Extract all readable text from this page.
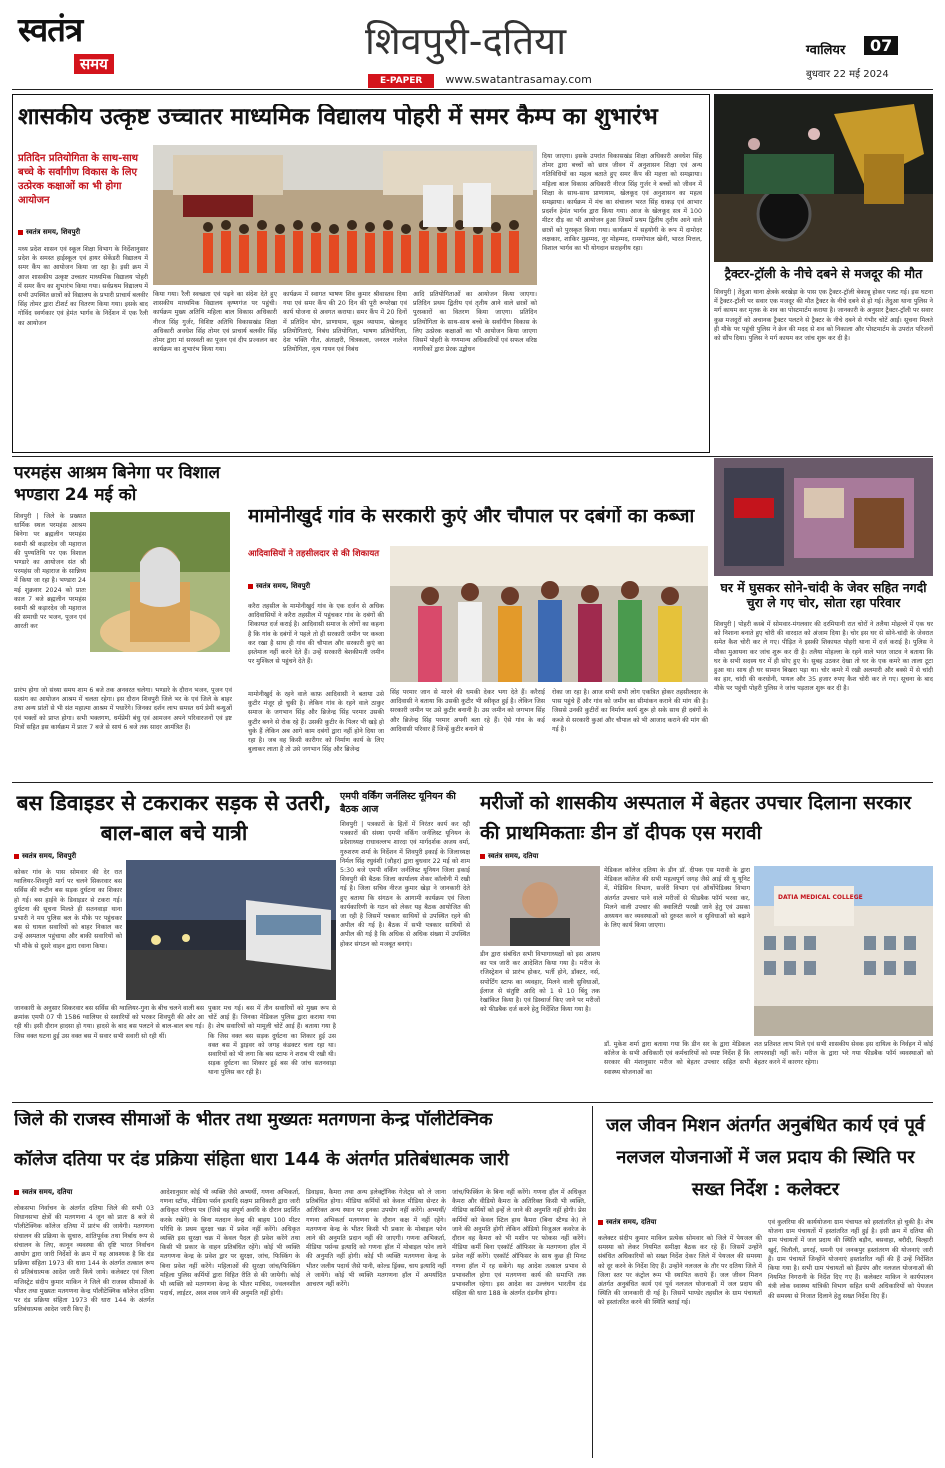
स्वतंत्र
समय
शिवपुरी-दतिया
E-PAPER www.swatantrasamay.com
ग्वालियर	07
बुधवार 22 मई 2024
शासकीय उत्कृष्ट उच्चातर माध्यमिक विद्यालय पोहरी में समर कैम्प का शुभारंभ
प्रतिदिन प्रतियोगिता के साथ-साथ बच्चे के सर्वांगीण विकास के लिए उत्प्रेरक कक्षाओं का भी होगा आयोजन
स्वतंत्र समय, शिवपुरी
मध्य प्रदेश शासन एवं स्कूल शिक्षा विभाग के निर्देशानुसार प्रदेश के समस्त हाईस्कूल एवं हायर सेकेंडरी विद्यालय में समर कैंप का आयोजन किया जा रहा है। इसी क्रम में आज शासकीय उत्कृष्ट उच्चतर माध्यमिक विद्यालय पोहरी में समर कैंप का शुभारंभ किया गया। सर्वप्रथम विद्यालय में सभी उपस्थित छात्रों को विद्यालय के प्रभारी प्राचार्य बलवीर सिंह तोमर द्वारा टीशर्ट का वितरण किया गया। इसके बाद गोविंद स्वर्णकार एवं हेमंत भार्गव के निर्देशन में एक रैली का आयोजन
किया गया। रैली स्वच्छता एवं पढ़ने का संदेश देते हुए शासकीय माध्यमिक विद्यालय कृष्णगंज पर पहुंची। कार्यक्रम मुख्य अतिथि महिला बाल विकास अधिकारी नीरज सिंह गुर्जर, विशिष्ट अतिथि विकासखंड शिक्षा अधिकारी अवधेश सिंह तोमर एवं प्राचार्य बलवीर सिंह तोमर द्वारा मां सरस्वती का पूजन एवं दीप प्रज्वलन कर कार्यक्रम का शुभारंभ किया गया।
कार्यक्रम में स्वागत भाषण शिव कुमार श्रीवास्तव दिया गया एवं समर कैंप की 20 दिन की पूरी रूपरेखा एवं कार्य योजना से अवगत कराया। समर कैंप में 20 दिनों में प्रतिदिन योग, प्राणायाम, सूक्ष्म व्यायाम, खेलकूद प्रतियोगिताएं, निबंध प्रतियोगिता, भाषण प्रतियोगिता, देश भक्ति गीत, अंताक्षरी, चित्रकला, जनरल नालेज प्रतियोगिता, नृत्य गायन एवं निबंध
आदि प्रतियोगिताओं का आयोजन किया जाएगा। प्रतिदिन प्रथम द्वितीय एवं तृतीय आने वाले छात्रों को पुरस्कारों का वितरण किया जाएगा। प्रतिदिन प्रतियोगिता के साथ-साथ बच्चे के सर्वांगीण विकास के लिए उत्प्रेरक कक्षाओं का भी आयोजन किया जाएगा जिसमें पोहरी के गणमान्य अधिकारियों एवं सफल वरिष्ठ नागरिकों द्वारा प्रेरक उद्बोधन
दिया जाएगा। इसके उपरांत विकासखंड शिक्षा अधिकारी अवधेश सिंह तोमर द्वारा बच्चों को छात्र जीवन में अनुशासन शिक्षा एवं अन्य गतिविधियों का महत्व बताते हुए समर कैंप की महत्ता को समझाया। महिला बाल विकास अधिकारी नीरज सिंह गुर्जर ने बच्चों को जीवन में शिक्षा के साथ-साथ प्राणायाम, खेलकूद एवं अनुशासन का महत्व समझाया। कार्यक्रम में मंच का संचालन भरत सिंह धाकड़ एवं आभार प्रदर्शन हेमंत भार्गव द्वारा किया गया। आज के खेलकूद सत्र में 100 मीटर दौड़ का भी आयोजन हुआ जिसमें प्रथम द्वितीय तृतीय आने वाले छात्रों को पुरस्कृत किया गया। कार्यक्रम में सहयोगी के रूप में दामोदर लक्षकार, शाकिर मुहम्मद, नूर मोहम्मद, रामगोपाल खेनी, भारत मित्तल, विशाल भार्गव का भी योगदान सराहनीय रहा।
ट्रैक्टर-ट्रॉली के नीचे दबने से मजदूर की मौत
शिवपुरी | तेंदुआ थाना क्षेत्रके बरखेड़ा के पास एक ट्रैक्टर-ट्रॉली बेकाबू होकर पलट गई। इस घटना में ट्रैक्टर-ट्रॉली पर सवार एक मजदूर की मौत ट्रैक्टर के नीचे दबने से हो गई। तेंदुआ थाना पुलिस ने मर्ग कायम कर मृतक के शव का पोस्टमार्टम कराया है। जानकारी के अनुसार ट्रैक्टर-ट्रॉली पर सवार कुछ मजदूरों को अचानक ट्रैक्टर पलटने से ट्रैक्टर के नीचे दबने से गंभीर चोटें आईं। सूचना मिलते ही मौके पर पहुंची पुलिस ने क्रेन की मदद से शव को निकाला और पोस्टमार्टम के उपरांत परिजनों को सौंप दिया। पुलिस ने मर्ग कायम कर जांच शुरू कर दी है।
परमहंस आश्रम बिनेगा पर विशाल भण्डारा 24 मई को
शिवपुरी | जिले के प्रख्यात धार्मिक स्थल परमहंस आश्रम बिनेगा पर ब्रह्मलीन परमहंस स्वामी श्री कड़ारदेव जी महाराज की पुण्यतिथि पर एक विशाल भण्डारे का आयोजन संत श्री परमहंस जी महाराज के सान्निध्य में किया जा रहा है। भण्डारा 24 मई शुक्रवार 2024 को प्रातः काल 7 बजे ब्रह्मलीन परमहंस स्वामी श्री कड़ारदेव जी महाराज की समाधी पर भजन, पूजन एवं आरती कर
प्रारंभ होगा जो संध्या समय शाम 6 बजे तक अनवरत चलेगा। भण्डारे के दौरान भजन, पूजन एवं सत्संग का आयोजन आश्रम में चलता रहेगा। इस दौरान शिवपुरी जिले भर के एवं जिले के बाहर तथा अन्य प्रांतों से भी संत महात्मा आश्रम में पधारेंगे। जिनका दर्शन लाभ समस्त धर्म प्रेमी बन्धुओं एवं भक्तों को प्राप्त होगा। सभी भक्तगण, धर्मप्रेमी बंधु एवं आमजन अपने परिवारजनों एवं इष्ट मित्रों सहित इस कार्यक्रम में प्रातः 7 बजे से सायं 6 बजे तक सादर आमंत्रित हैं।
मामोनीखुर्द गांव के सरकारी कुएं और चौपाल पर दबंगों का कब्जा
आदिवासियों ने तहसीलदार से की शिकायत
स्वतंत्र समय, शिवपुरी
करैरा तहसील के मामोनीखुर्द गांव के एक दर्जन से अधिक आदिवासियों ने करैरा तहसील में पहुंचकर गांव के दबंगों की शिकायत दर्ज कराई है। आदिवासी समाज के लोगों का कहना है कि गांव के दबंगों ने पहले तो ही सरकारी जमीन पर कब्जा कर रखा है साथ ही गांव की चौपाल और सरकारी कुएं का इस्तेमाल नहीं करने देते हैं। उन्हें सरकारी बेशकीमती जमीन पर मुश्किल से पहुंचने देते हैं।
मामोनीखुर्द के रहने वाले काफ़ आदिवासी ने बताया उसे कुटीर मंजूर हो चुकी है। लेकिन गांव के रहने वाले ठाकुर समाज के जगभान सिंह और ब्रिजेन्द्र सिंह परमार उसकी कुटीर बनने से रोक रहे हैं। उसकी कुटीर के पिलर भी खड़े हो चुके हैं लेकिन अब आगे काम दबंगों द्वारा नहीं होने दिया जा रहा है। जब वह किसी कारीगर को निर्माण कार्य के लिए बुलाकर लाता है तो उसे जगभान सिंह और ब्रिजेन्द्र
सिंह परमार जान से मारने की धमकी देकर भगा देते हैं। करैराई आदिवासी ने बताया कि उसकी कुटीर भी स्वीकृत हुई है। लेकिन जिस सरकारी जमीन पर उसे कुटीर बनानी है। उस जमीन को जगभान सिंह और ब्रिजेन्द्र सिंह परमार अपनी बता रहे हैं। ऐसे गांव के कई आदिवासी परिवार हैं जिन्हें कुटीर बनाने से
रोका जा रहा है। आज सभी सभी लोग एकत्रित होकर तहसीलदार के पास पहुंचे हैं और गांव को जमीन का सीमांकन कराने की मांग की है। जिससे उनकी कुटीरों का निर्माण कार्य शुरू हो सके साथ ही दबंगों के कब्जे से सरकारी कुआं और चौपाल को भी आजाद कराने की मांग की गई है।
घर में घुसकर सोने-चांदी के जेवर सहित नगदी चुरा ले गए चोर, सोता रहा परिवार
शिवपुरी | पोहरी कस्बे में सोमवार-मंगलवार की दरमियानी रात चोरों ने तलैया मोहल्ले में एक घर को निशाना बनाते हुए चोरी की वारदात को अंजाम दिया है। चोर इस घर से सोने-चांदी के जेवरात समेत कैश चोरी कर ले गए। पीड़ित ने इसकी शिकायत पोहरी थाना में दर्ज कराई है। पुलिस ने मौका मुआयना कर जांच शुरू कर दी है। तलैया मोहल्ला के रहने वाले भरत जाटव ने बताया कि घर के सभी सदस्य घर में ही सोए हुए थे। सुबह उठकर देखा तो घर के एक कमरे का ताला टूटा हुआ था। साथ ही घर सामान बिखरा पड़ा था। चोर कमरे में रखी अलमारी और बक्से में से चांदी का हार, चांदी की करधोनी, पायल और 35 हजार रुपए कैश चोरी कर ले गए। सूचना के बाद मौके पर पहुंची पोहरी पुलिस ने जांच पड़ताल शुरू कर दी है।
बस डिवाइडर से टकराकर सड़क से उतरी, बाल-बाल बचे यात्री
स्वतंत्र समय, शिवपुरी
कोकर गांव के पास सोमवार की देर रात ग्वालियर-शिवपुरी मार्ग पर चलने सिकरवार बस सर्विस की रूटीन बस सड़क दुर्घटना का शिकार हो गई। बस हाईवे के डिवाइडर से टकरा गई। दुर्घटना की सूचना मिलते ही सतनवाड़ा थाना प्रभारी ने मय पुलिस बल के मौके पर पहुंचकर बस से घायल सवारियों को बाहर निकाल कर उन्हें अस्पताल पहुंचाया और बाकी सवारियों को भी मौके से दूसरे वाहन द्वारा रवाना किया।
जानकारी के अनुसार सिकरवार बस सर्विस की ग्वालियर-गुना के बीच चलने वाली बस क्रमांक एमपी 07 पी 1586 ग्वालियर से सवारियों को भरकर शिवपुरी की ओर आ रही थी। इसी दौरान हादसा हो गया। हादसे के बाद बस पलटने से बाल-बाल बच गई। जिस वक्त घटना हुई उस वक्त बस में सवार सभी सवारी सो रही थीं।
पुकार मच गई। बस में तीन सवारियों को मुख्य रूप से चोटें आई हैं। जिनका मेडिकल पुलिस द्वारा कराया गया है। शेष सवारियों को मामूली चोटें आई हैं। बताया गया है कि जिस वक्त बस सड़क दुर्घटना का शिकार हुई उस वक्त बस में ड्राइवर को जगह कंडक्टर चला रहा था। सवारियों को भी लगा कि बस स्टाफ ने शराब पी रखी थी। सड़क दुर्घटना का शिकार हुई बस की जांच सतनवाड़ा थाना पुलिस कर रही है।
एमपी वर्किंग जर्नलिस्ट यूनियन की बैठक आज
शिवपुरी | पत्रकारों के हितों में निरंतर कार्य कर रही पत्रकारों की संस्था एमपी वर्किंग जर्नलिस्ट यूनियन के प्रदेशाध्यक्ष राधावल्लभ शारदा एवं मार्गदर्शक अजय वर्मा, गुरुशरण शर्मा के निर्देशन में शिवपुरी इकाई के जिलाध्यक्ष निर्मल सिंह रघुवंशी (जौहर) द्वारा बुधवार 22 मई को शाम 5:30 बजे एमपी वर्किंग जर्नलिस्ट यूनियन जिला इकाई शिवपुरी की बैठक जिला कार्यालय शेकर कॉलोनी में रखी गई है। जिला सचिव नीरज कुमार खेड़ा ने जानकारी देते हुए बताया कि संगठन के आगामी कार्यक्रम एवं जिला कार्यकारिणी के गठन को लेकर यह बैठक आयोजित की जा रही है जिसमें पत्रकार साथियों से उपस्थित रहने की अपील की गई है। बैठक में सभी पत्रकार साथियों से अपील की गई है कि अधिक से अधिक संख्या में उपस्थित होकर संगठन को मजबूत बनाएं।
मरीजों को शासकीय अस्पताल में बेहतर उपचार दिलाना सरकार की प्राथमिकताः डीन डॉ दीपक एस मरावी
स्वतंत्र समय, दतिया
मेडिकल कॉलेज दतिया के डीन डॉ. दीपक एस मरावी के द्वारा मेडिकल कॉलेज की सभी महत्वपूर्ण जगह जैसे आई सी यू यूनिट में, मेडिसिन विभाग, सर्जरी विभाग एवं ऑर्थोपेडिक्स विभाग अंतर्गत उपचार पाने वाले मरीजों से फीडबैक फॉर्म भरवा कर, मिलने वाली उपचार की क्वालिटी परखी जाने हेतु एवं उसका अध्ययन कर व्यवस्थाओं को दुरुस्त करने व सुविधाओं को बढ़ाने के लिए कार्य किया जाएगा।
डीन द्वारा संबंधित सभी विभागाध्यक्षों को इस आशय का पत्र जारी कर आदेशित किया गया है। मरीज के रजिस्ट्रेशन से प्रारंभ होकर, भर्ती होने, डॉक्टर, नर्स, सपोर्टिंग स्टाफ का व्यवहार, मिलने वाली सुविधाओं, ईलाज से संतुष्टि आदि को 1 से 10 बिंदु तक रेखांकित किया है। एवं डिस्चार्ज किए जाने पर मरीजों को फीडबैक दर्ज करने हेतु निर्देशित किया गया है।
DATIA MEDICAL COLLEGE
डॉ. मुकेश शर्मा द्वारा बताया गया कि डीन सर के द्वारा मेडिकल कॉलेज के सभी अधिकारी एवं कर्मचारियों को स्पष्ट निर्देश हैं कि सरकार की मंशानुसार मरीज को बेहतर उपचार सहित सभी स्वास्थ्य योजनाओं का
शत प्रतिशत लाभ मिले एवं सभी शासकीय सेवक इस दायित्व के निर्वहन में कोई लापरवाही नहीं करें। मरीज के द्वारा भरे गया फीडबैक फॉर्म व्यवस्थाओं को बेहतर करने में कारगर रहेगा।
जिले की राजस्व सीमाओं के भीतर तथा मुख्यतः मतगणना केन्द्र पॉलीटेक्निक
कॉलेज दतिया पर दंड प्रक्रिया संहिता धारा 144 के अंतर्गत प्रतिबंधात्मक जारी
स्वतंत्र समय, दतिया
लोकसभा निर्वाचन के अंतर्गत दतिया जिले की सभी 03 विधानसभा क्षेत्रों की मतगणना 4 जून को प्रातः 8 बजे से पॉलीटेक्निक कॉलेज दतिया में प्रारंभ की जायेगी। मतगणना संचालन की प्रक्रिया के सुचारु, शांतिपूर्वक तथा निर्बाध रूप से संचालन के लिए, कानून व्यवस्था की दृष्टि भारत निर्वाचन आयोग द्वारा जारी निर्देशों के क्रम में यह आवश्यक है कि दंड प्रक्रिया संहिता 1973 की धारा 144 के अंतर्गत तत्काल रूप से प्रतिबंधात्मक आदेश जारी किये जाये। कलेक्टर एवं जिला मजिस्ट्रेट संदीप कुमार माकिन ने जिले की राजस्व सीमाओं के भीतर तथा मुख्यतः मतगणना केन्द्र पॉलीटेक्निक कॉलेज दतिया पर दंड प्रक्रिया संहिता 1973 की धारा 144 के अंतर्गत प्रतिबंधात्मक आदेश जारी किए हैं।
आदेशानुसार कोई भी व्यक्ति जैसे अभ्यर्थी, गणना अभिकर्ता, गणना स्टॉफ, मीडिया पर्सन इत्यादि सक्षम प्राधिकारी द्वारा जारी अधिकृत परिचय पत्र (जिसे वह संपूर्ण अवधि के दौरान प्रदर्शित करके रखेंगे) के बिना मतदान केन्द्र की बाहय 100 मीटर परिधि के प्रथम सुरक्षा चक्र में प्रवेश नहीं करेंगे। अधिकृत व्यक्ति इस सुरक्षा चक्र में केवल पैदल ही प्रवेश करेंगे तथा किसी भी प्रकार के वाहन प्रतिबंधित रहेंगे। कोई भी व्यक्ति मतगणना केन्द्र के प्रवेश द्वार पर सुरक्षा, जांच, फिस्किंग के बिना प्रवेश नहीं करेंगे। महिलाओं की सुरक्षा जांच/फिस्किंग महिला पुलिस कर्मियों द्वारा विहित रीति से की जायेगी। कोई भी व्यक्ति को मतगणना केन्द्र के भीतर माचिस, ज्वलनशील पदार्थ, लाईटर, अस्त्र शस्त्र जाने की अनुमति नहीं होगी।
डिवाइस, कैमरा तथा अन्य इलेक्ट्रॉनिक गेजेट्स को ले जाना प्रतिबंधित होगा। मीडिया कर्मियों को केवल मीडिया सेन्टर के अतिरिक्त अन्य स्थान पर इनका उपयोग नहीं करेंगे। अभ्यर्थी/गणना अभिकर्ता मतगणना के दौरान कक्ष में नहीं रहेंगे। मतगणना केन्द्र के भीतर किसी भी प्रकार के मोबाइल फोन लाने की अनुमति प्रदान नहीं की जाएगी। गणना अभिकर्ता, मीडिया पर्सन्स इत्यादि को गणना हॉल में मोबाइल फोन लाने की अनुमति नहीं होगी। कोई भी व्यक्ति मतगणना केन्द्र के भीतर जलीय पदार्थ जैसे पानी, कोल्ड ड्रिंक्स, चाय इत्यादि नहीं ले जायेंगे। कोई भी व्यक्ति मतगणना हॉल में अमर्यादित आचरण नहीं करेंगे।
जांच/फिस्किंग के बिना नहीं करेंगे। गणना हॉल में अधिकृत कैमरा और वीडियो कैमरा के अतिरिक्त किसी भी व्यक्ति, मीडिया कर्मियों को इन्हें ले जाने की अनुमति नहीं होगी। प्रेस कर्मियों को केवल स्टिल हाथ कैमरा (बिना स्टैण्ड के) ले जाने की अनुमति होगी लेकिन ऑडियो विजुअल कवरेज के दौरान वह कैमरा को भी मशीन पर फोकस नहीं करेंगे। मीडिया कर्मी बिना एस्कॉर्ट ऑफिसर के मतगणना हॉल में प्रवेश नहीं करेंगे। एस्कॉर्ट ऑफिसर के साथ कुछ ही मिनट गणना हॉल में रह सकेंगे। यह आदेश तत्काल प्रभाव से प्रभावशील होगा एवं मतगणना कार्य की समाप्ति तक प्रभावशील रहेगा। इस आदेश का उल्लंघन भारतीय दंड संहिता की धारा 188 के अंतर्गत दंडनीय होगा।
जल जीवन मिशन अंतर्गत अनुबंधित कार्य एवं पूर्व नलजल योजनाओं में जल प्रदाय की स्थिति पर सख्त निर्देश : कलेक्टर
स्वतंत्र समय, दतिया
कलेक्टर संदीप कुमार माकिन प्रत्येक सोमवार को जिले में पेयजल की समस्या को लेकर नियमित समीक्षा बैठक कर रहे हैं। जिसमें उन्होंने संबंधित अधिकारियों को सख्त निर्देश देकर जिले में पेयजल की समस्या को दूर करने के निर्देश दिए हैं। उन्होंने नलजल के तौर पर दतिया जिले में जिला स्तर पर कंट्रोल रूम भी स्थापित कराये हैं। जल जीवन मिशन अंतर्गत अनुबंधित कार्य एवं पूर्व नलजल योजनाओं में जल प्रदाय की स्थिति की जानकारी दी गई है। जिसमें भाण्डेर तहसील के ग्राम पंचायतों को हस्तांतरित करने की स्थिति बताई गई।
एवं कुलरिया की कार्ययोजना ग्राम पंचायत को हस्तांतरित हो चुकी है। शेष योजना ग्राम पंचायतों में हस्तांतरित नहीं हुई है। इसी क्रम में दतिया की ग्राम पंचायतों में जल प्रदाय की स्थिति बड़ौन, बसवाहा, बरौदी, बिल्हारी खुर्द, चितौली, डगरई, धमनी एवं जनकपुर हस्तांतरण की योजनाएं जारी हैं। ग्राम पंचायतें जिन्होंने योजनाएं हस्तांतरित नहीं की हैं उन्हें निर्देशित किया गया है। सभी ग्राम पंचायतों को हैंडपंप और नलजल योजनाओं की नियमित निगरानी के निर्देश दिए गए हैं। कलेक्टर माकिन ने कार्यपालन यंत्री लोक स्वास्थ्य यांत्रिकी विभाग सहित सभी अधिकारियों को पेयजल की समस्या से निजात दिलाने हेतु सख्त निर्देश दिए हैं।
